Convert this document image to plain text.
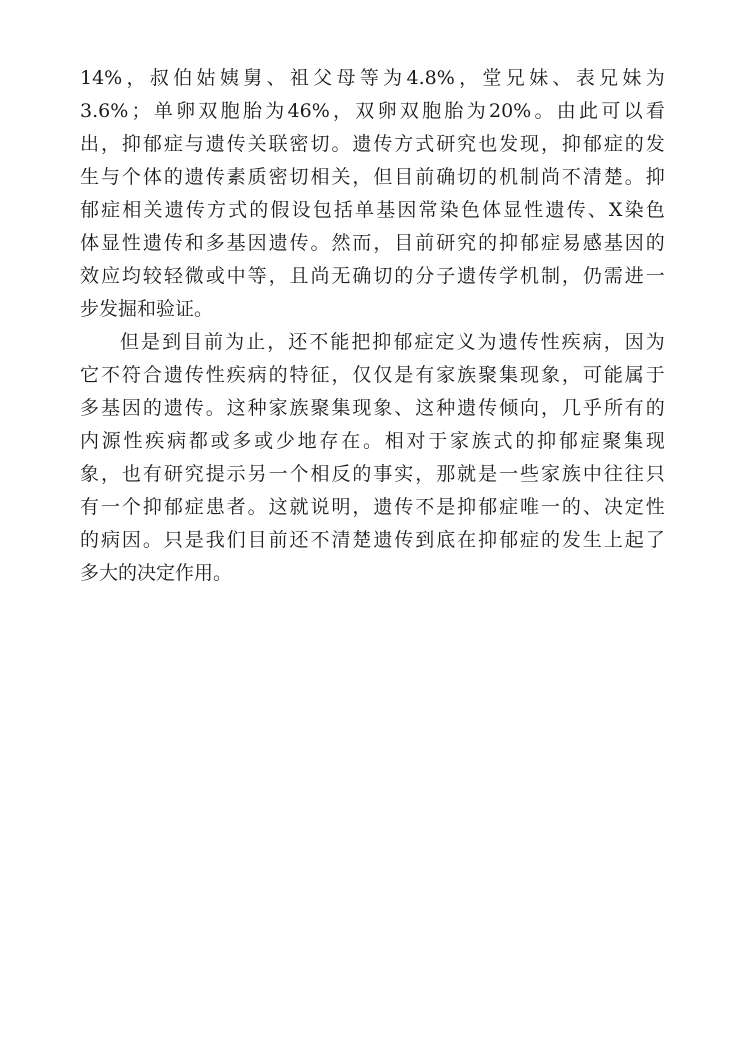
14% ， 叔 伯 姑 姨 舅 、 祖 父 母 等 为 4.8% ， 堂 兄 妹 、 表 兄 妹 为
3.6% ； 单 卵 双 胞 胎 为 46% ， 双 卵 双 胞 胎 为 20% 。 由 此 可 以 看
出 ， 抑 郁 症 与 遗 传 关 联 密 切 。 遗 传 方 式 研 究 也 发 现 ， 抑 郁 症 的 发
生 与 个 体 的 遗 传 素 质 密 切 相 关 ， 但 目 前 确 切 的 机 制 尚 不 清 楚 。 抑
郁 症 相 关 遗 传 方 式 的 假 设 包 括 单 基 因 常 染 色 体 显 性 遗 传 、 X 染 色
体 显 性 遗 传 和 多 基 因 遗 传 。 然 而 ， 目 前 研 究 的 抑 郁 症 易 感 基 因 的
效 应 均 较 轻 微 或 中 等 ， 且 尚 无 确 切 的 分 子 遗 传 学 机 制 ， 仍 需 进 一
步发掘和验证。
但 是 到 目 前 为 止 ， 还 不 能 把 抑 郁 症 定 义 为 遗 传 性 疾 病 ， 因 为
它 不 符 合 遗 传 性 疾 病 的 特 征 ， 仅 仅 是 有 家 族 聚 集 现 象 ， 可 能 属 于
多 基 因 的 遗 传 。 这 种 家 族 聚 集 现 象 、 这 种 遗 传 倾 向 ， 几 乎 所 有 的
内 源 性 疾 病 都 或 多 或 少 地 存 在 。 相 对 于 家 族 式 的 抑 郁 症 聚 集 现
象 ， 也 有 研 究 提 示 另 一 个 相 反 的 事 实 ， 那 就 是 一 些 家 族 中 往 往 只
有 一 个 抑 郁 症 患 者 。 这 就 说 明 ， 遗 传 不 是 抑 郁 症 唯 一 的 、 决 定 性
的 病 因 。 只 是 我 们 目 前 还 不 清 楚 遗 传 到 底 在 抑 郁 症 的 发 生 上 起 了
多大的决定作用。
